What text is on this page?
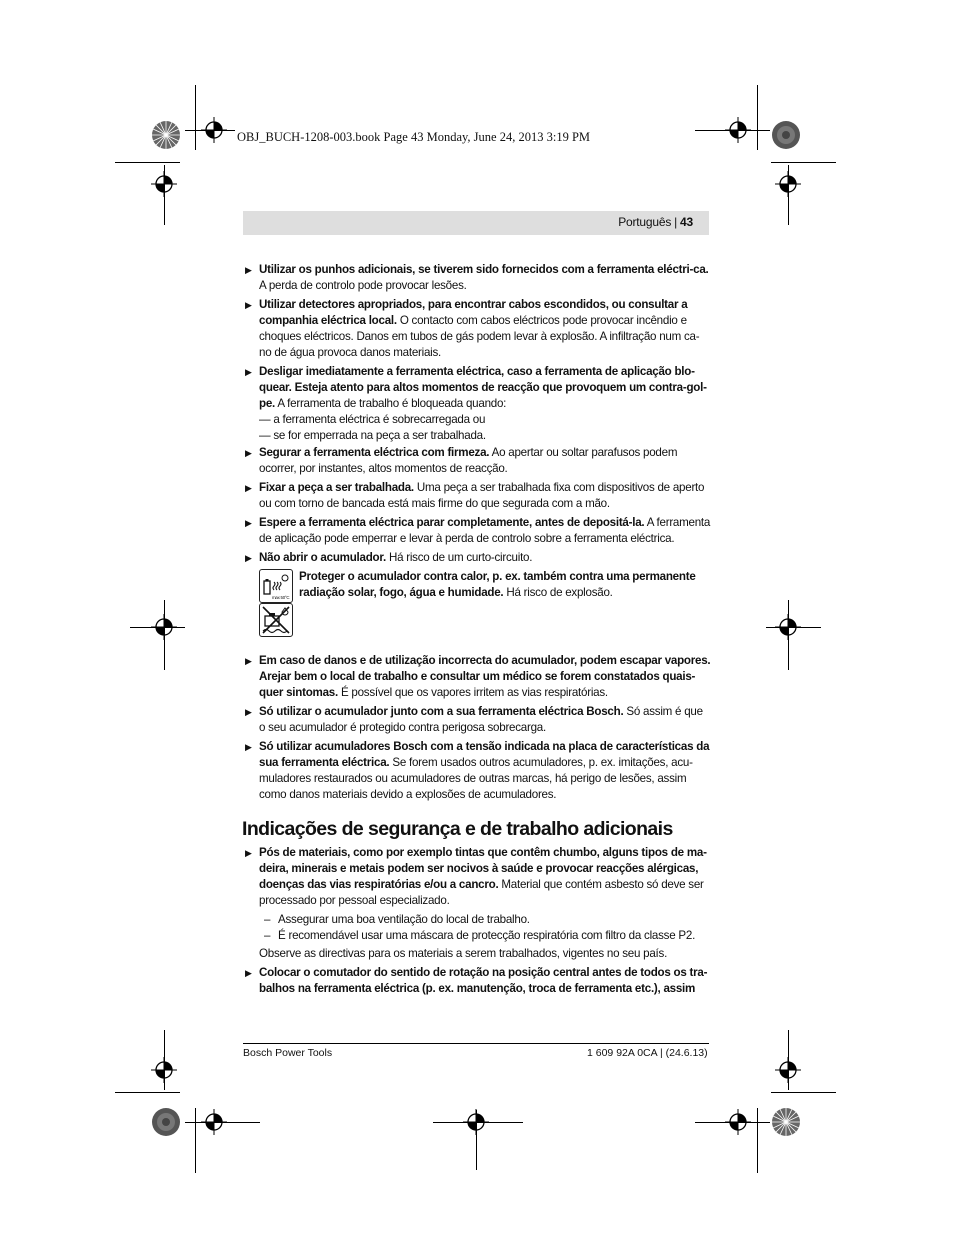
OBJ_BUCH-1208-003.book Page 43 Monday, June 24, 2013 3:19 PM
Português | 43
▶ Utilizar os punhos adicionais, se tiverem sido fornecidos com a ferramenta eléctri-ca. A perda de controlo pode provocar lesões.
▶ Utilizar detectores apropriados, para encontrar cabos escondidos, ou consultar a companhia eléctrica local. O contacto com cabos eléctricos pode provocar incêndio e choques eléctricos. Danos em tubos de gás podem levar à explosão. A infiltração num ca-no de água provoca danos materiais.
▶ Desligar imediatamente a ferramenta eléctrica, caso a ferramenta de aplicação blo-quear. Esteja atento para altos momentos de reacção que provoquem um contra-gol-pe. A ferramenta de trabalho é bloqueada quando:
— a ferramenta eléctrica é sobrecarregada ou
— se for emperrada na peça a ser trabalhada.
▶ Segurar a ferramenta eléctrica com firmeza. Ao apertar ou soltar parafusos podem ocorrer, por instantes, altos momentos de reacção.
▶ Fixar a peça a ser trabalhada. Uma peça a ser trabalhada fixa com dispositivos de aperto ou com torno de bancada está mais firme do que segurada com a mão.
▶ Espere a ferramenta eléctrica parar completamente, antes de depositá-la. A ferramenta de aplicação pode emperrar e levar à perda de controlo sobre a ferramenta eléctrica.
▶ Não abrir o acumulador. Há risco de um curto-circuito.
max 50°C
Proteger o acumulador contra calor, p. ex. também contra uma permanente radiação solar, fogo, água e humidade. Há risco de explosão.
▶ Em caso de danos e de utilização incorrecta do acumulador, podem escapar vapores. Arejar bem o local de trabalho e consultar um médico se forem constatados quais-quer sintomas. É possível que os vapores irritem as vias respiratórias.
▶ Só utilizar o acumulador junto com a sua ferramenta eléctrica Bosch. Só assim é que o seu acumulador é protegido contra perigosa sobrecarga.
▶ Só utilizar acumuladores Bosch com a tensão indicada na placa de características da sua ferramenta eléctrica. Se forem usados outros acumuladores, p. ex. imitações, acu-muladores restaurados ou acumuladores de outras marcas, há perigo de lesões, assim como danos materiais devido a explosões de acumuladores.
Indicações de segurança e de trabalho adicionais
▶ Pós de materiais, como por exemplo tintas que contêm chumbo, alguns tipos de ma-deira, minerais e metais podem ser nocivos à saúde e provocar reacções alérgicas, doenças das vias respiratórias e/ou a cancro. Material que contém asbesto só deve ser processado por pessoal especializado.
– Assegurar uma boa ventilação do local de trabalho.
– É recomendável usar uma máscara de protecção respiratória com filtro da classe P2.
Observe as directivas para os materiais a serem trabalhados, vigentes no seu país.
▶ Colocar o comutador do sentido de rotação na posição central antes de todos os tra-balhos na ferramenta eléctrica (p. ex. manutenção, troca de ferramenta etc.), assim
Bosch Power Tools	1 609 92A 0CA | (24.6.13)
